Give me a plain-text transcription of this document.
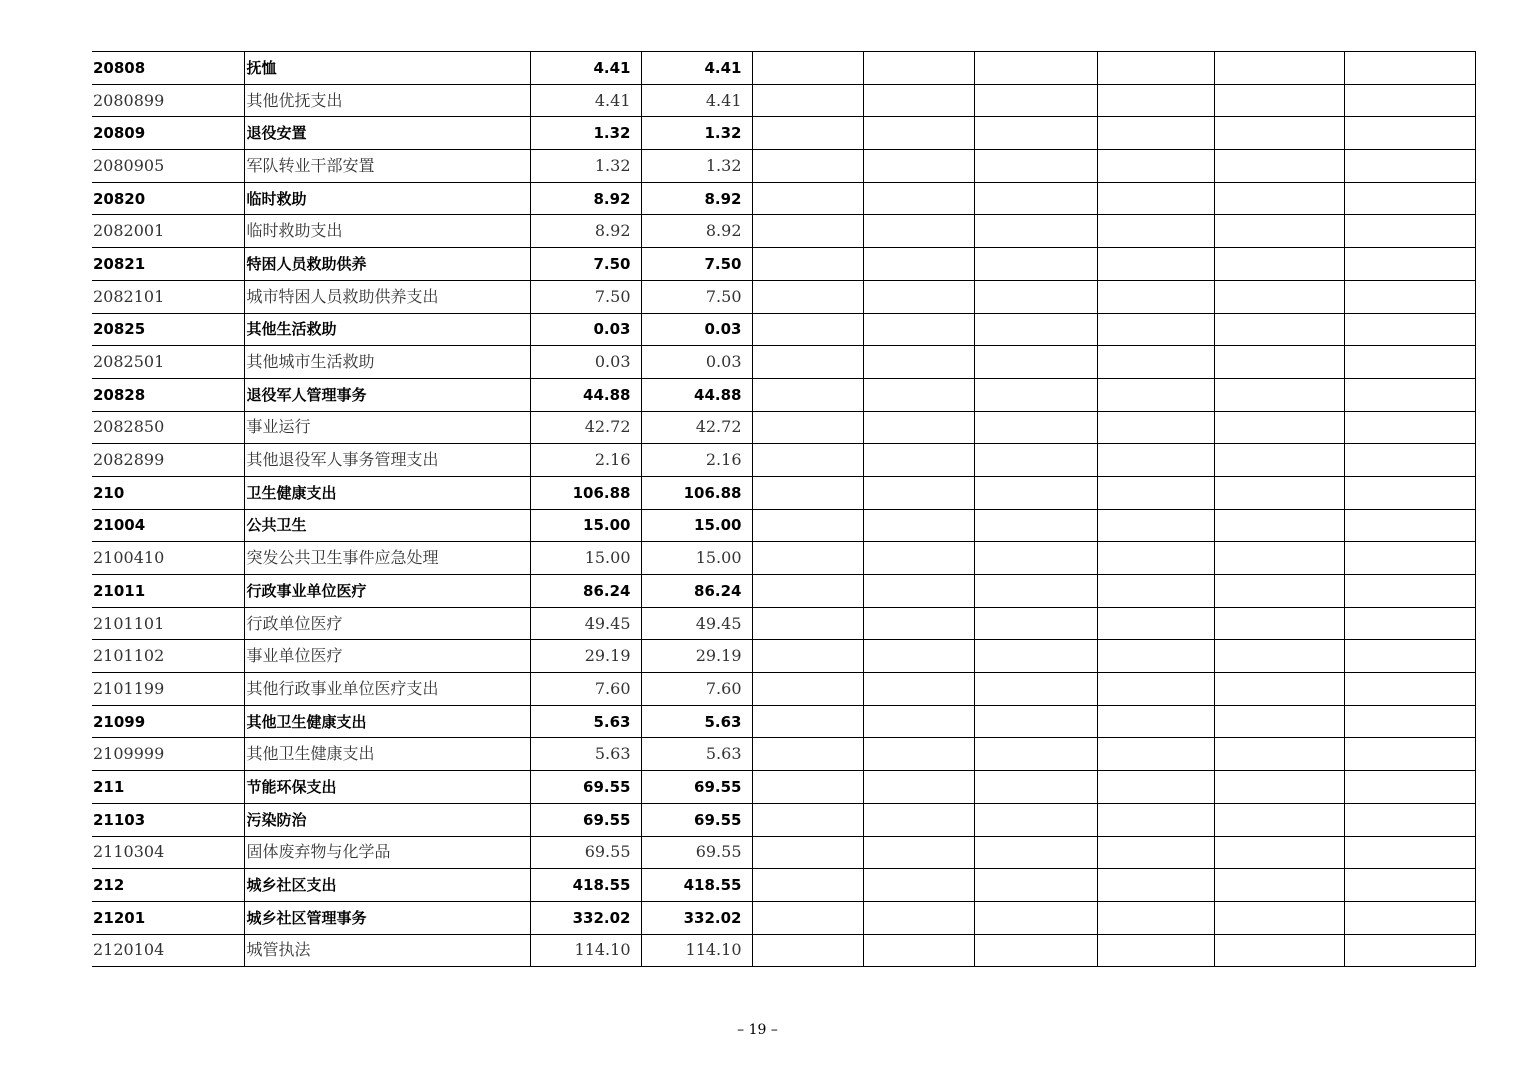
20808	抚恤	4.41	4.41						
2080899	其他优抚支出	4.41	4.41						
20809	退役安置	1.32	1.32						
2080905	军队转业干部安置	1.32	1.32						
20820	临时救助	8.92	8.92						
2082001	临时救助支出	8.92	8.92						
20821	特困人员救助供养	7.50	7.50						
2082101	城市特困人员救助供养支出	7.50	7.50						
20825	其他生活救助	0.03	0.03						
2082501	其他城市生活救助	0.03	0.03						
20828	退役军人管理事务	44.88	44.88						
2082850	事业运行	42.72	42.72						
2082899	其他退役军人事务管理支出	2.16	2.16						
210	卫生健康支出	106.88	106.88						
21004	公共卫生	15.00	15.00						
2100410	突发公共卫生事件应急处理	15.00	15.00						
21011	行政事业单位医疗	86.24	86.24						
2101101	行政单位医疗	49.45	49.45						
2101102	事业单位医疗	29.19	29.19						
2101199	其他行政事业单位医疗支出	7.60	7.60						
21099	其他卫生健康支出	5.63	5.63						
2109999	其他卫生健康支出	5.63	5.63						
211	节能环保支出	69.55	69.55						
21103	污染防治	69.55	69.55						
2110304	固体废弃物与化学品	69.55	69.55						
212	城乡社区支出	418.55	418.55						
21201	城乡社区管理事务	332.02	332.02						
2120104	城管执法	114.10	114.10						
– 19 –
